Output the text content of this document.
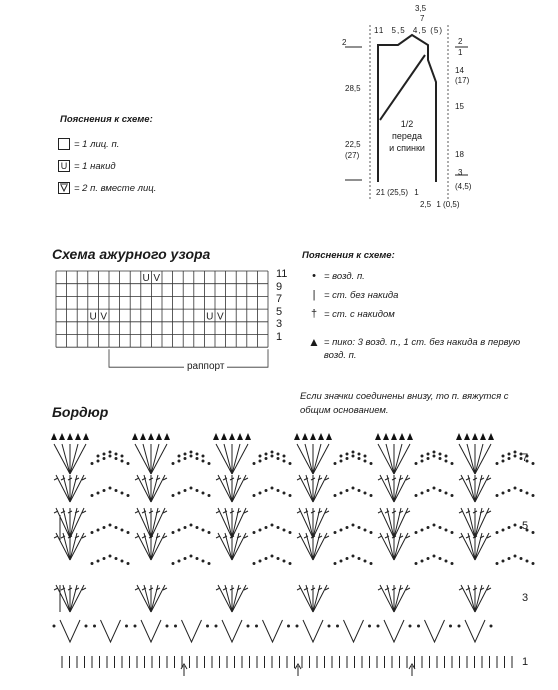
Пояснения к схеме:
= 1 лиц. п.
U = 1 накид
= 2 п. вместе лиц.
11 5,5 4,5 (5)
3,5
7
2
28,5
22,5
(27)
1/2
переда
и спинки
2
1
14
(17)
15
18
3
(4,5)
21 (25,5) 1
2,5 1 (0,5)
Схема ажурного узора
U V
U V	U V
11
9
7
5
3
1
раппорт
Пояснения к схеме:
• = возд. п.
| = ст. без накида
† = ст. с накидом
▲ = пико: 3 возд. п., 1 ст. без накида в первую возд. п.
Если значки соединены внизу, то п. вяжутся с общим основанием.
Бордюр
7
5
3
1
